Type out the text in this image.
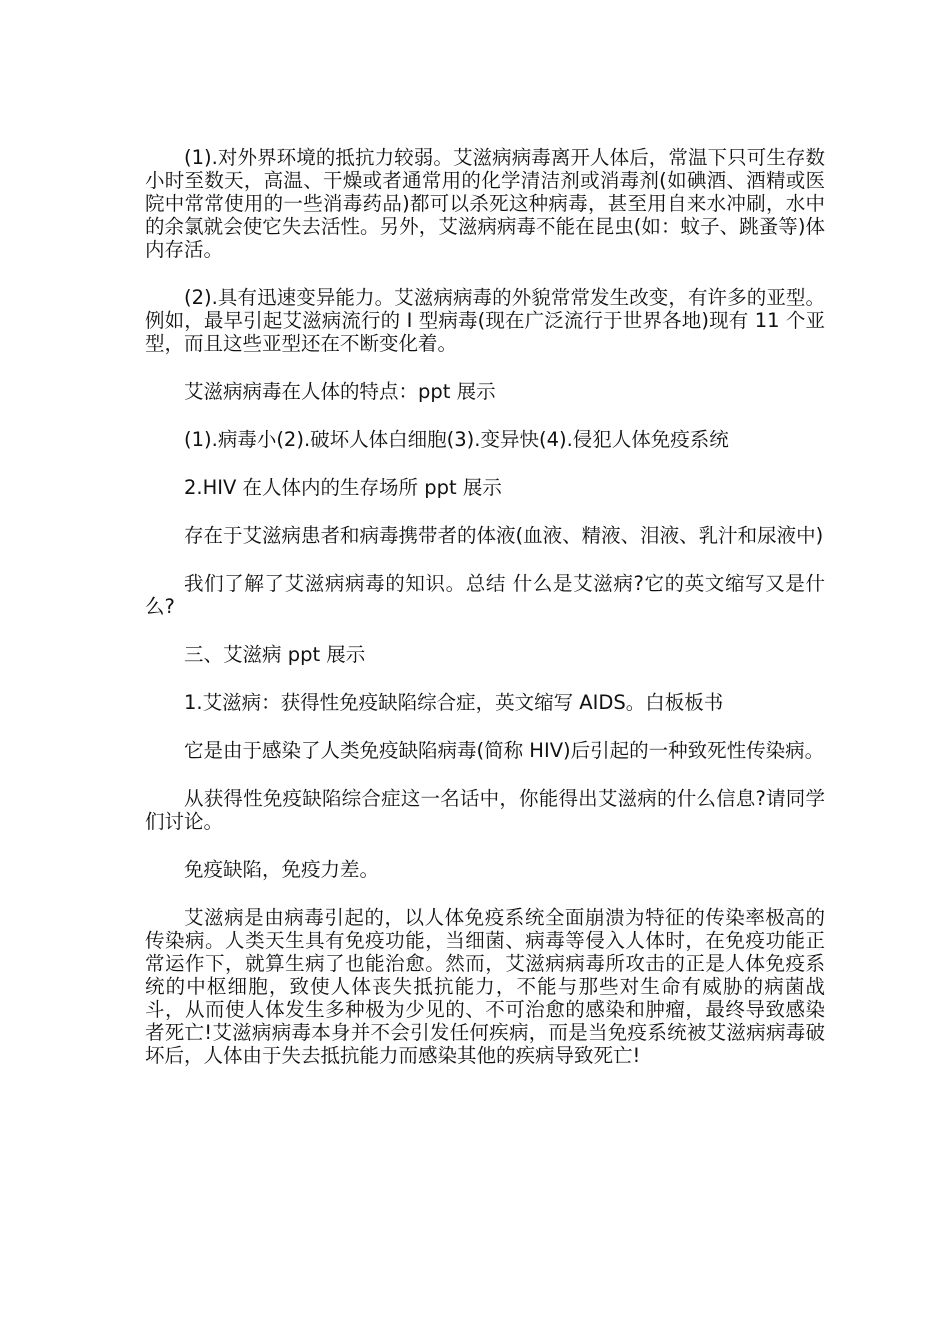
(1).对外界环境的抵抗力较弱。艾滋病病毒离开人体后，常温下只可生存数小时至数天，高温、干燥或者通常用的化学清洁剂或消毒剂(如碘酒、酒精或医院中常常使用的一些消毒药品)都可以杀死这种病毒，甚至用自来水冲刷，水中的余氯就会使它失去活性。另外，艾滋病病毒不能在昆虫(如：蚊子、跳蚤等)体内存活。

(2).具有迅速变异能力。艾滋病病毒的外貌常常发生改变，有许多的亚型。例如，最早引起艾滋病流行的 I 型病毒(现在广泛流行于世界各地)现有 11 个亚型，而且这些亚型还在不断变化着。

艾滋病病毒在人体的特点：ppt 展示

(1).病毒小(2).破坏人体白细胞(3).变异快(4).侵犯人体免疫系统

2.HIV 在人体内的生存场所 ppt 展示

存在于艾滋病患者和病毒携带者的体液(血液、精液、泪液、乳汁和尿液中)

我们了解了艾滋病病毒的知识。总结 什么是艾滋病?它的英文缩写又是什么?

三、艾滋病 ppt 展示

1.艾滋病：获得性免疫缺陷综合症，英文缩写 AIDS。白板板书

它是由于感染了人类免疫缺陷病毒(简称 HIV)后引起的一种致死性传染病。

从获得性免疫缺陷综合症这一名话中，你能得出艾滋病的什么信息?请同学们讨论。

免疫缺陷，免疫力差。

艾滋病是由病毒引起的，以人体免疫系统全面崩溃为特征的传染率极高的传染病。人类天生具有免疫功能，当细菌、病毒等侵入人体时，在免疫功能正常运作下，就算生病了也能治愈。然而，艾滋病病毒所攻击的正是人体免疫系统的中枢细胞，致使人体丧失抵抗能力，不能与那些对生命有威胁的病菌战斗，从而使人体发生多种极为少见的、不可治愈的感染和肿瘤，最终导致感染者死亡!艾滋病病毒本身并不会引发任何疾病，而是当免疫系统被艾滋病病毒破坏后，人体由于失去抵抗能力而感染其他的疾病导致死亡!
